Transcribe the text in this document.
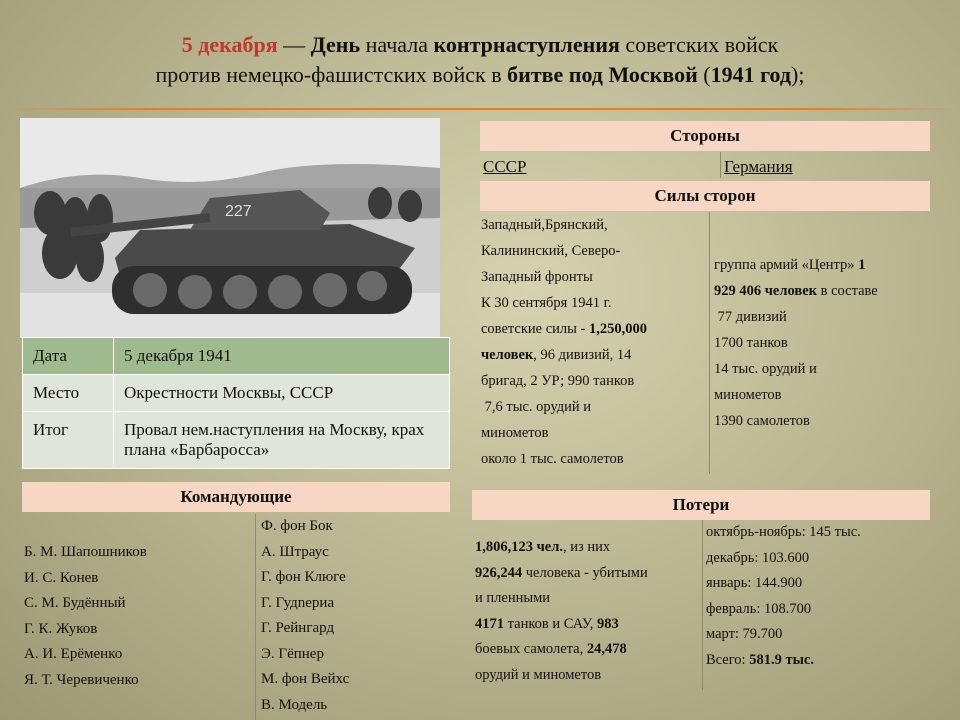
5 декабря — День начала контрнаступления советских войск
против немецко-фашистских войск в битве под Москвой (1941 год);
227
Дата	5 декабря 1941
Место	Окрестности Москвы, СССР
Итог	Провал нем.наступления на Москву, крах плана «Барбаросса»
Стороны
СССР	Германия
Силы сторон
Западный,Брянский,
Калининский, Северо-
Западный фронты
К 30 сентября 1941 г.
советские силы - 1,250,000
человек, 96 дивизий, 14
бригад, 2 УР; 990 танков
7,6 тыс. орудий и
минометов
около 1 тыс. самолетов
группа армий «Центр» 1
929 406 человек в составе
77 дивизий
1700 танков
14 тыс. орудий и
минометов
1390 самолетов
Командующие
Б. М. Шапошников
И. С. Конев
С. М. Будённый
Г. К. Жуков
А. И. Ерёменко
Я. Т. Черевиченко
Ф. фон Бок
А. Штраус
Г. фон Клюге
Г. Гудnериа
Г. Рейнгард
Э. Гёпнер
М. фон Вейхс
В. Модель
Потери
1,806,123 чел., из них
926,244 человека - убитыми
и пленными
4171 танков и САУ, 983
боевых самолета, 24,478
орудий и минометов
октябрь-ноябрь: 145 тыс.
декабрь: 103.600
январь: 144.900
февраль: 108.700
март: 79.700
Всего: 581.9 тыс.
